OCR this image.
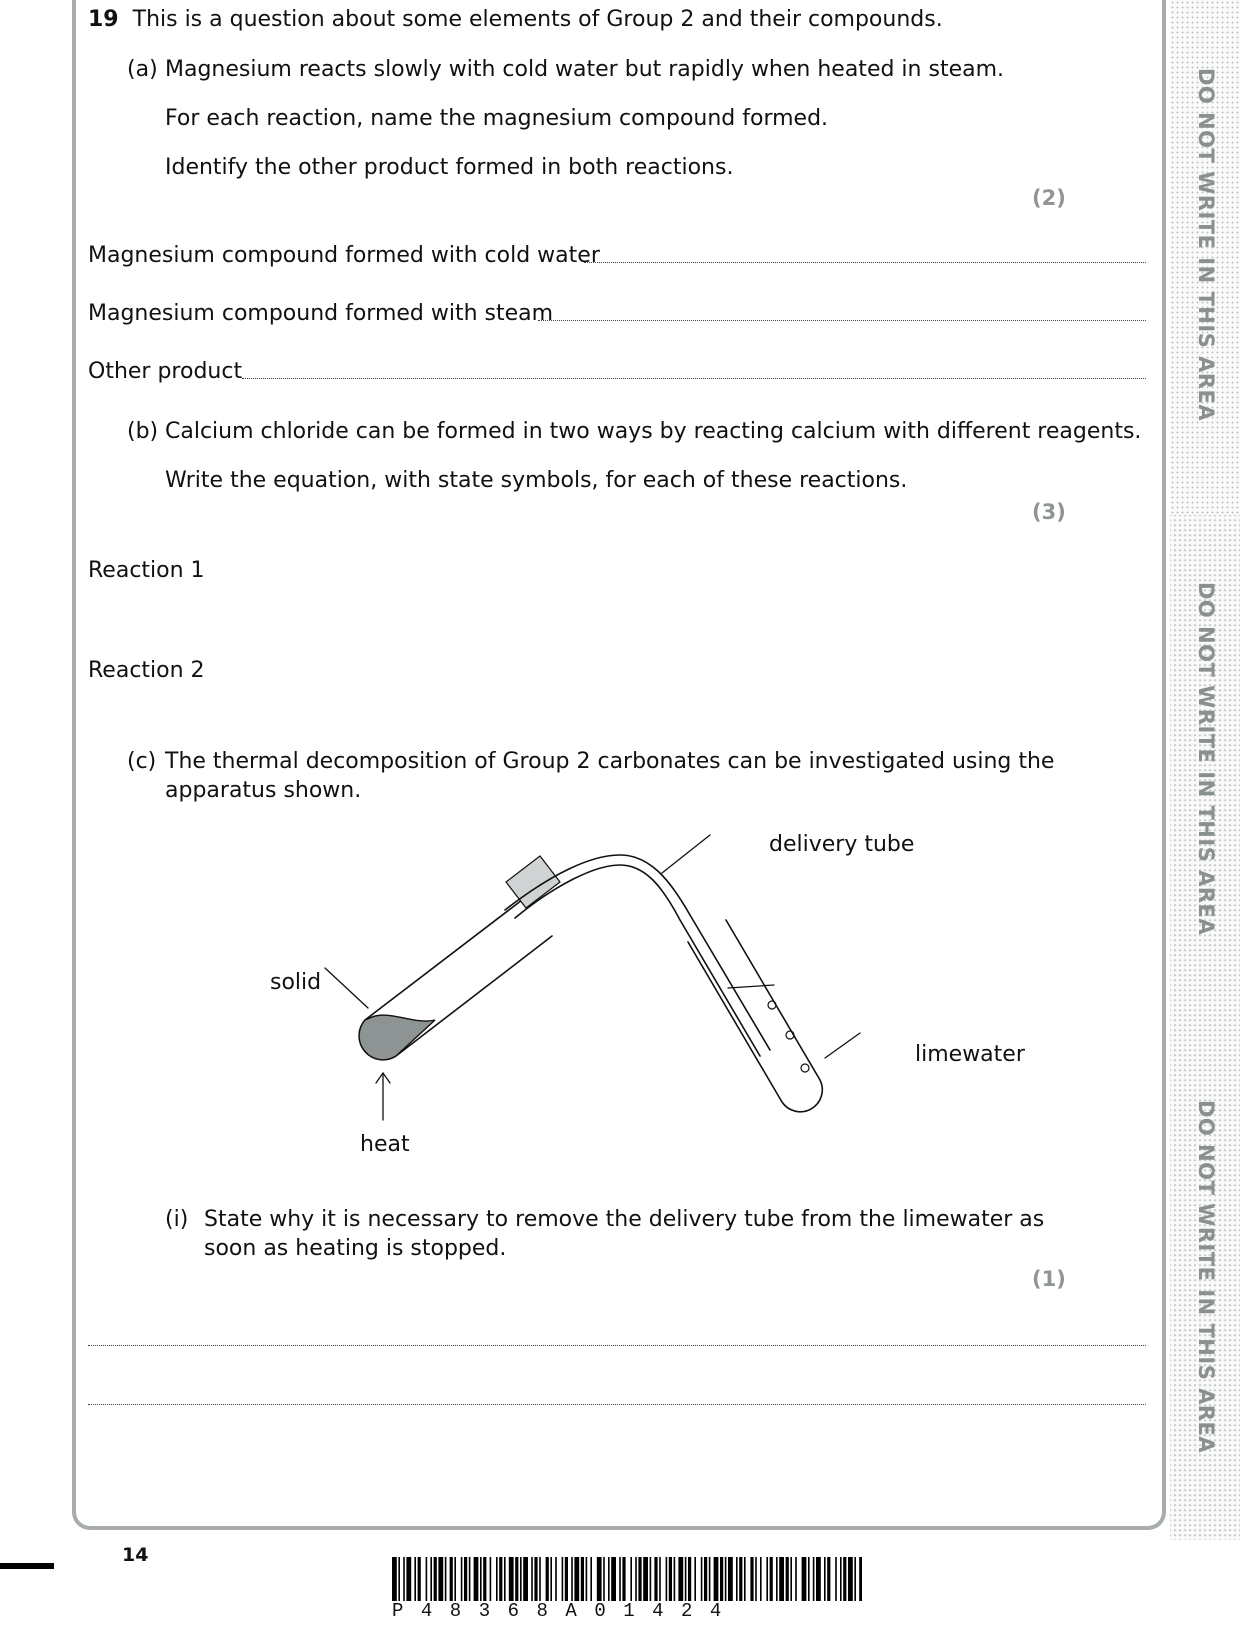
DO NOT WRITE IN THIS AREA
DO NOT WRITE IN THIS AREA
DO NOT WRITE IN THIS AREA
19 This is a question about some elements of Group 2 and their compounds.
(a) Magnesium reacts slowly with cold water but rapidly when heated in steam.
For each reaction, name the magnesium compound formed.
Identify the other product formed in both reactions.
(2)
Magnesium compound formed with cold water
Magnesium compound formed with steam
Other product
(b) Calcium chloride can be formed in two ways by reacting calcium with different reagents.
Write the equation, with state symbols, for each of these reactions.
(3)
Reaction 1
Reaction 2
(c) The thermal decomposition of Group 2 carbonates can be investigated using the
apparatus shown.
delivery tube
solid
limewater
heat
(i) State why it is necessary to remove the delivery tube from the limewater as
soon as heating is stopped.
(1)
14
P48368A01424
